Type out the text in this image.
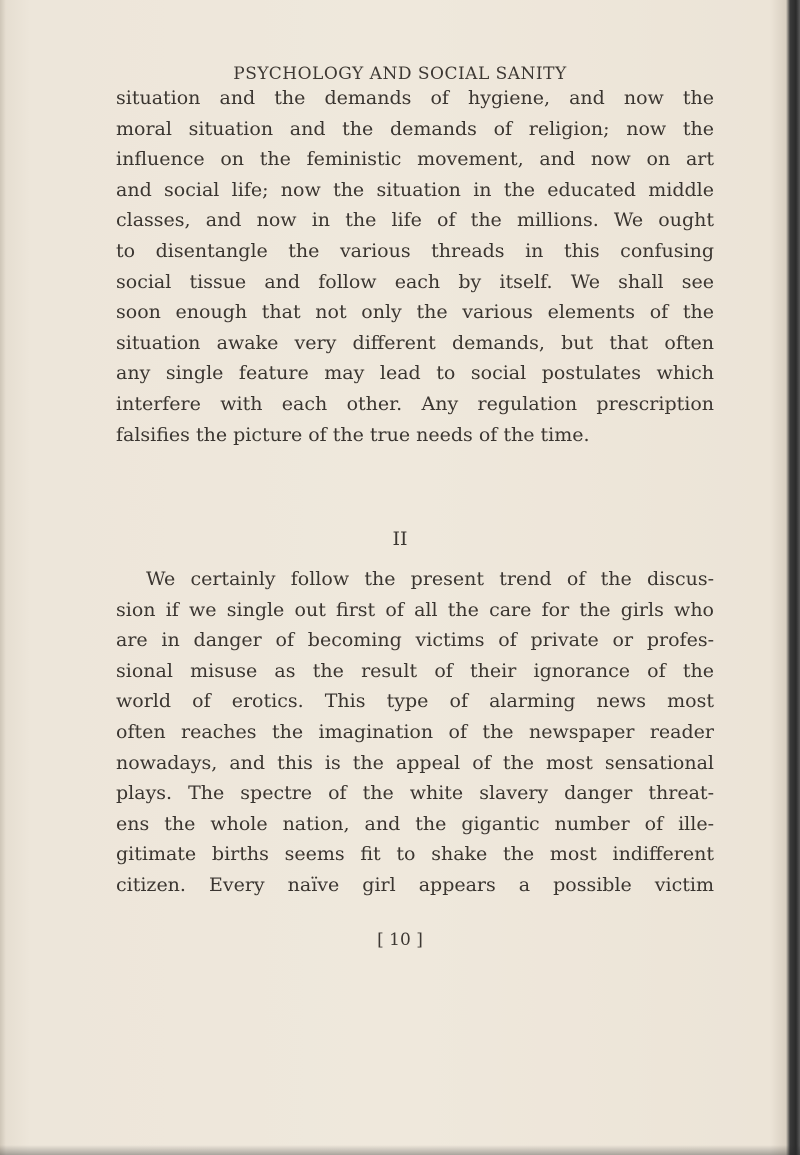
PSYCHOLOGY AND SOCIAL SANITY
situation and the demands of hygiene, and now the
moral situation and the demands of religion; now the
influence on the feministic movement, and now on art
and social life; now the situation in the educated middle
classes, and now in the life of the millions. We ought
to disentangle the various threads in this confusing
social tissue and follow each by itself. We shall see
soon enough that not only the various elements of the
situation awake very different demands, but that often
any single feature may lead to social postulates which
interfere with each other. Any regulation prescription
falsifies the picture of the true needs of the time.
II
We certainly follow the present trend of the discus-
sion if we single out first of all the care for the girls who
are in danger of becoming victims of private or profes-
sional misuse as the result of their ignorance of the
world of erotics. This type of alarming news most
often reaches the imagination of the newspaper reader
nowadays, and this is the appeal of the most sensational
plays. The spectre of the white slavery danger threat-
ens the whole nation, and the gigantic number of ille-
gitimate births seems fit to shake the most indifferent
citizen. Every naïve girl appears a possible victim
[ 10 ]
